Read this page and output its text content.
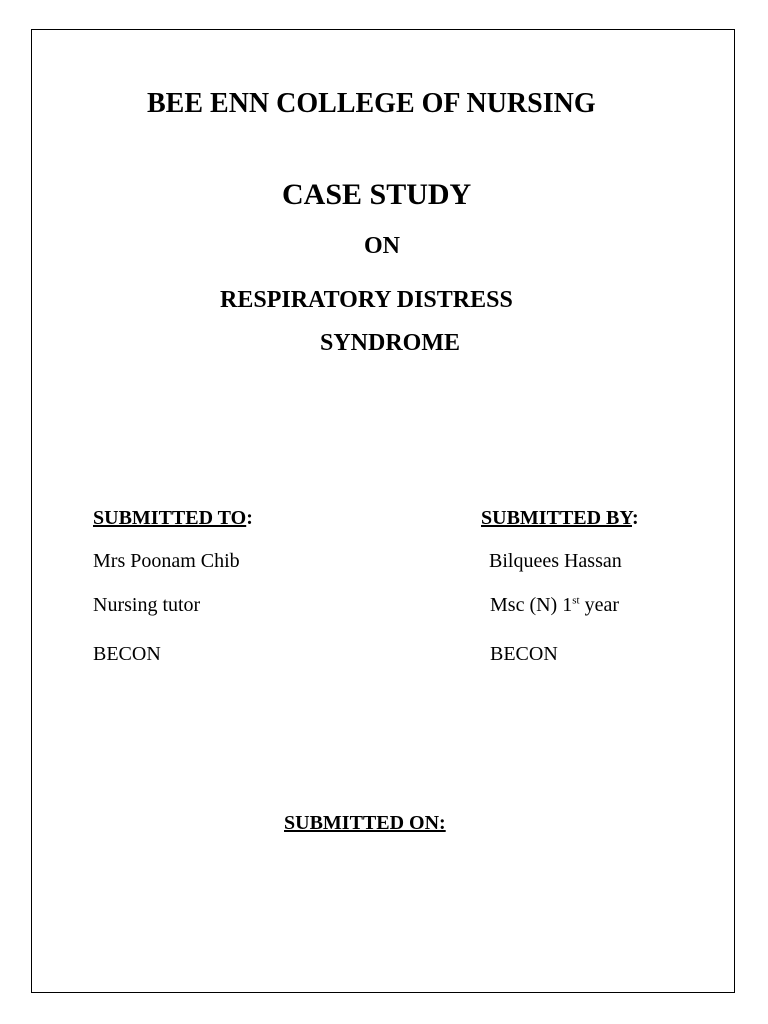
BEE ENN COLLEGE OF NURSING
CASE STUDY
ON
RESPIRATORY DISTRESS
SYNDROME
SUBMITTED TO:
Mrs Poonam Chib
Nursing tutor
BECON
SUBMITTED BY:
Bilquees Hassan
Msc (N) 1st year
BECON
SUBMITTED ON:
